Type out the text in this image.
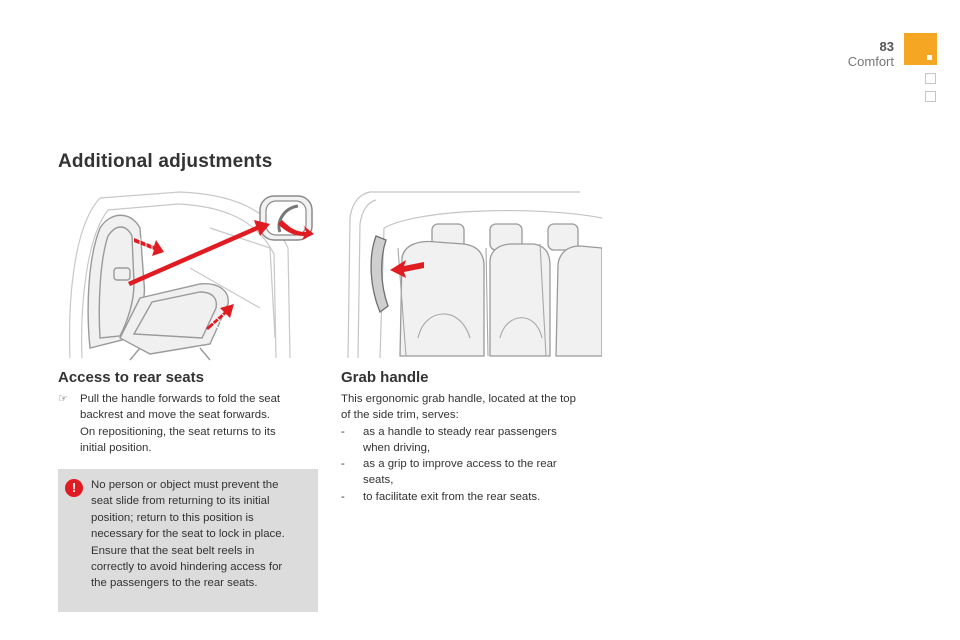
83
Comfort
Additional adjustments
Access to rear seats
☞ Pull the handle forwards to fold the seat
backrest and move the seat forwards.
On repositioning, the seat returns to its
initial position.
!	No person or object must prevent the
seat slide from returning to its initial
position; return to this position is
necessary for the seat to lock in place.
Ensure that the seat belt reels in
correctly to avoid hindering access for
the passengers to the rear seats.
Grab handle
This ergonomic grab handle, located at the top
of the side trim, serves:
- as a handle to steady rear passengers
when driving,
- as a grip to improve access to the rear
seats,
- to facilitate exit from the rear seats.
